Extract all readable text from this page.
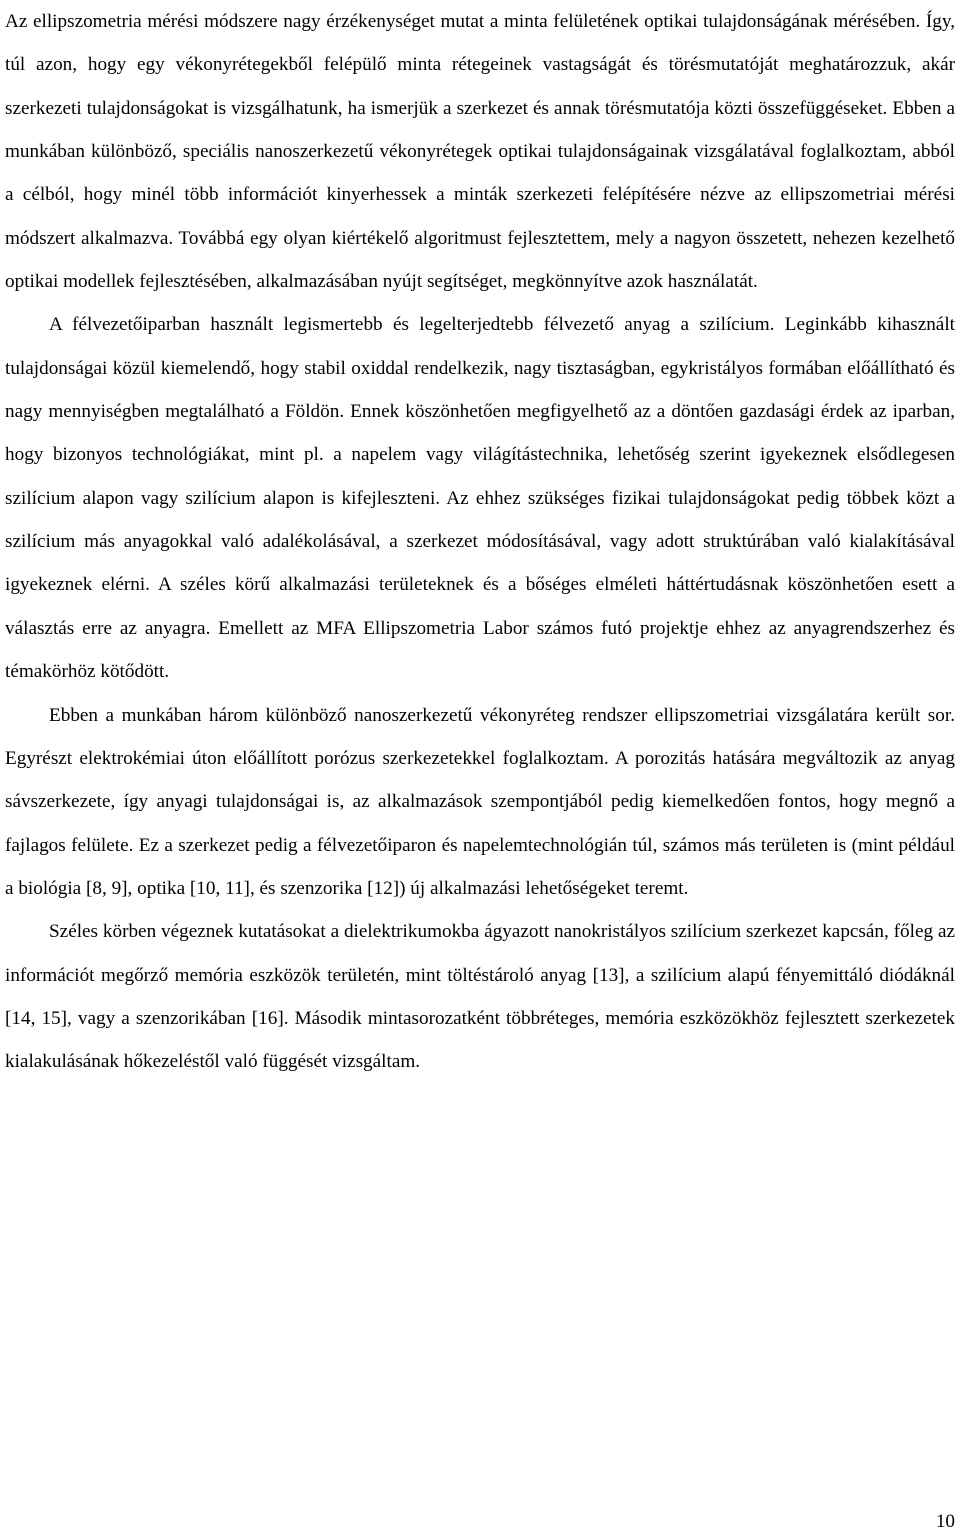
Az ellipszometria mérési módszere nagy érzékenységet mutat a minta felületének optikai tulajdonságának mérésében. Így, túl azon, hogy egy vékonyrétegekből felépülő minta rétegeinek vastagságát és törésmutatóját meghatározzuk, akár szerkezeti tulajdonságokat is vizsgálhatunk, ha ismerjük a szerkezet és annak törésmutatója közti összefüggéseket. Ebben a munkában különböző, speciális nanoszerkezetű vékonyrétegek optikai tulajdonságainak vizsgálatával foglalkoztam, abból a célból, hogy minél több információt kinyerhessek a minták szerkezeti felépítésére nézve az ellipszometriai mérési módszert alkalmazva. Továbbá egy olyan kiértékelő algoritmust fejlesztettem, mely a nagyon összetett, nehezen kezelhető optikai modellek fejlesztésében, alkalmazásában nyújt segítséget, megkönnyítve azok használatát.

A félvezetőiparban használt legismertebb és legelterjedtebb félvezető anyag a szilícium. Leginkább kihasznált tulajdonságai közül kiemelendő, hogy stabil oxiddal rendelkezik, nagy tisztaságban, egykristályos formában előállítható és nagy mennyiségben megtalálható a Földön. Ennek köszönhetően megfigyelhető az a döntően gazdasági érdek az iparban, hogy bizonyos technológiákat, mint pl. a napelem vagy világítástechnika, lehetőség szerint igyekeznek elsődlegesen szilícium alapon vagy szilícium alapon is kifejleszteni. Az ehhez szükséges fizikai tulajdonságokat pedig többek közt a szilícium más anyagokkal való adalékolásával, a szerkezet módosításával, vagy adott struktúrában való kialakításával igyekeznek elérni. A széles körű alkalmazási területeknek és a bőséges elméleti háttértudásnak köszönhetően esett a választás erre az anyagra. Emellett az MFA Ellipszometria Labor számos futó projektje ehhez az anyagrendszerhez és témakörhöz kötődött.

Ebben a munkában három különböző nanoszerkezetű vékonyréteg rendszer ellipszometriai vizsgálatára került sor. Egyrészt elektrokémiai úton előállított porózus szerkezetekkel foglalkoztam. A porozitás hatására megváltozik az anyag sávszerkezete, így anyagi tulajdonságai is, az alkalmazások szempontjából pedig kiemelkedően fontos, hogy megnő a fajlagos felülete. Ez a szerkezet pedig a félvezetőiparon és napelemtechnológián túl, számos más területen is (mint például a biológia [8, 9], optika [10, 11], és szenzorika [12]) új alkalmazási lehetőségeket teremt.

Széles körben végeznek kutatásokat a dielektrikumokba ágyazott nanokristályos szilícium szerkezet kapcsán, főleg az információt megőrző memória eszközök területén, mint töltéstároló anyag [13], a szilícium alapú fényemittáló diódáknál [14, 15], vagy a szenzorikában [16]. Második mintasorozatként többréteges, memória eszközökhöz fejlesztett szerkezetek kialakulásának hőkezeléstől való függését vizsgáltam.

10
